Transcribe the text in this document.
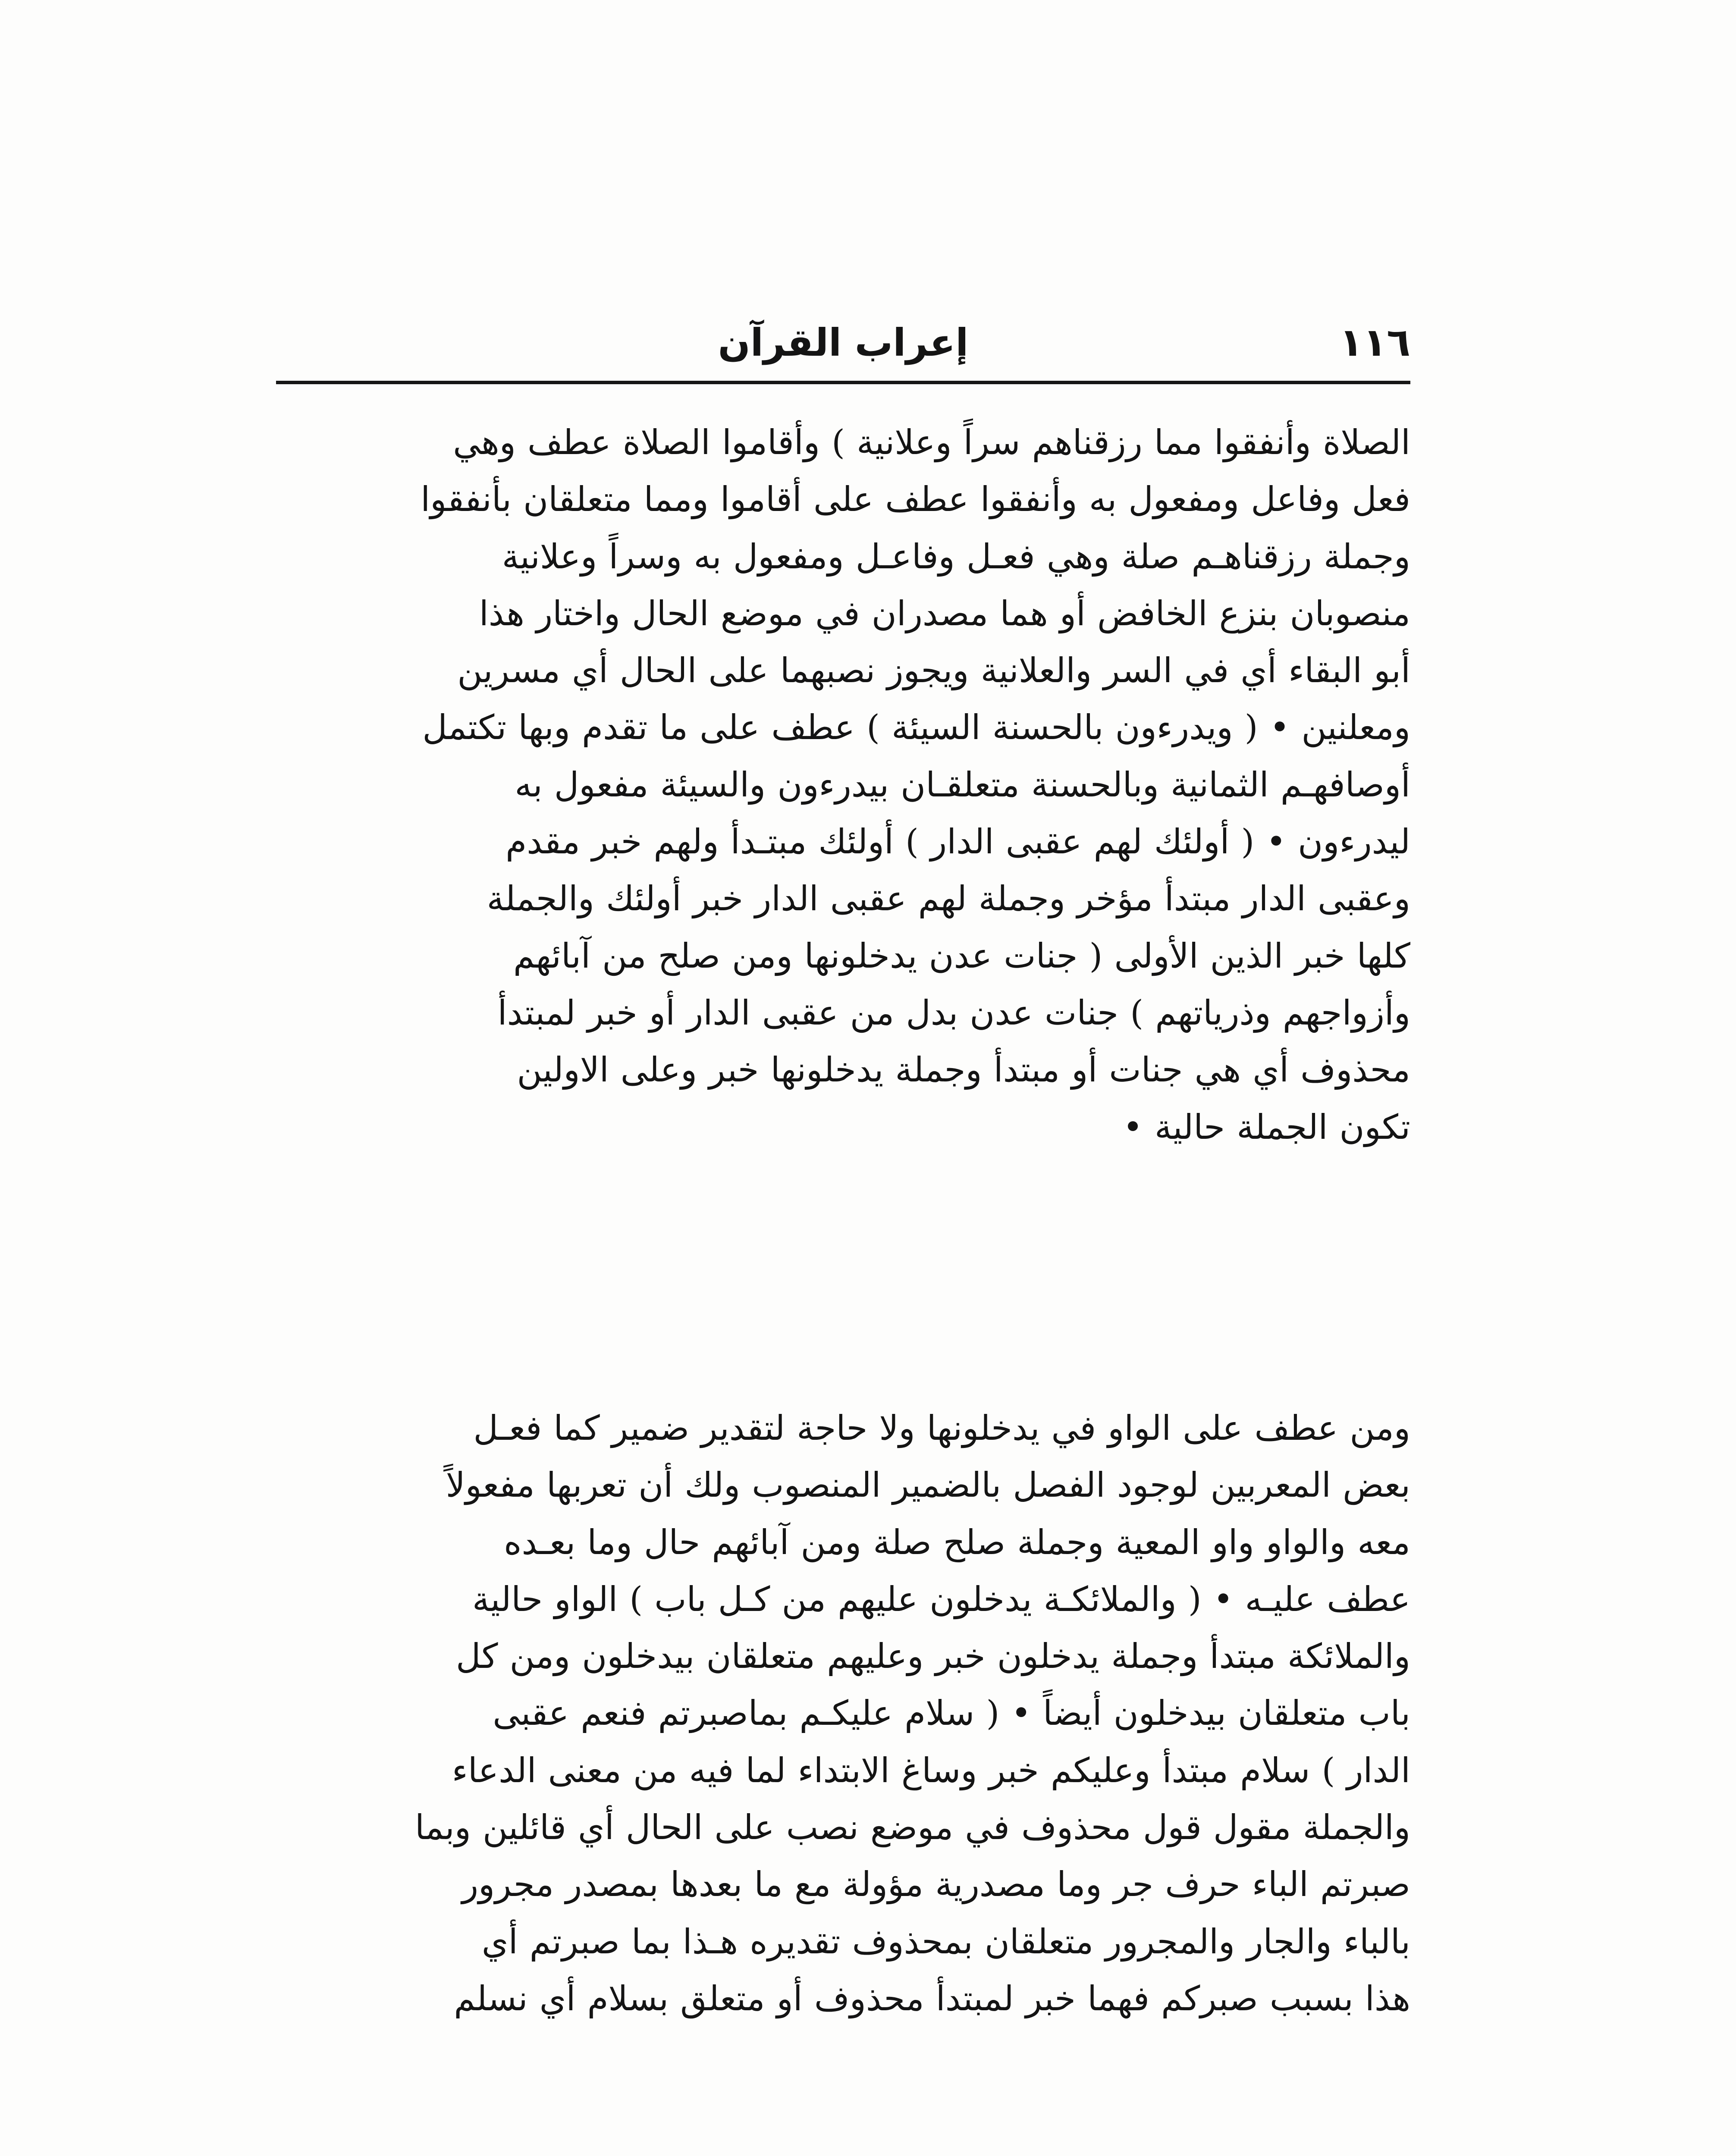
١١٦
إعراب القرآن
الصلاة وأنفقوا مما رزقناهم سراً وعلانية ) وأقاموا الصلاة عطف وهي
فعل وفاعل ومفعول به وأنفقوا عطف على أقاموا ومما متعلقان بأنفقوا
وجملة رزقناهـم صلة وهي فعـل وفاعـل ومفعول به وسراً وعلانية
منصوبان بنزع الخافض أو هما مصدران في موضع الحال واختار هذا
أبو البقاء أي في السر والعلانية ويجوز نصبهما على الحال أي مسرين
ومعلنين • ( ويدرءون بالحسنة السيئة ) عطف على ما تقدم وبها تكتمل
أوصافهـم الثمانية وبالحسنة متعلقـان بيدرءون والسيئة مفعول به
ليدرءون • ( أولئك لهم عقبى الدار ) أولئك مبتـدأ ولهم خبر مقدم
وعقبى الدار مبتدأ مؤخر وجملة لهم عقبى الدار خبر أولئك والجملة
كلها خبر الذين الأولى ( جنات عدن يدخلونها ومن صلح من آبائهم
وأزواجهم وذرياتهم ) جنات عدن بدل من عقبى الدار أو خبر لمبتدأ
محذوف أي هي جنات أو مبتدأ وجملة يدخلونها خبر وعلى الاولين
تكون الجملة حالية •
ومن عطف على الواو في يدخلونها ولا حاجة لتقدير ضمير كما فعـل
بعض المعربين لوجود الفصل بالضمير المنصوب ولك أن تعربها مفعولاً
معه والواو واو المعية وجملة صلح صلة ومن آبائهم حال وما بعـده
عطف عليـه • ( والملائكـة يدخلون عليهم من كـل باب ) الواو حالية
والملائكة مبتدأ وجملة يدخلون خبر وعليهم متعلقان بيدخلون ومن كل
باب متعلقان بيدخلون أيضاً • ( سلام عليكـم بماصبرتم فنعم عقبى
الدار ) سلام مبتدأ وعليكم خبر وساغ الابتداء لما فيه من معنى الدعاء
والجملة مقول قول محذوف في موضع نصب على الحال أي قائلين وبما
صبرتم الباء حرف جر وما مصدرية مؤولة مع ما بعدها بمصدر مجرور
بالباء والجار والمجرور متعلقان بمحذوف تقديره هـذا بما صبرتم أي
هذا بسبب صبركم فهما خبر لمبتدأ محذوف أو متعلق بسلام أي نسلم
